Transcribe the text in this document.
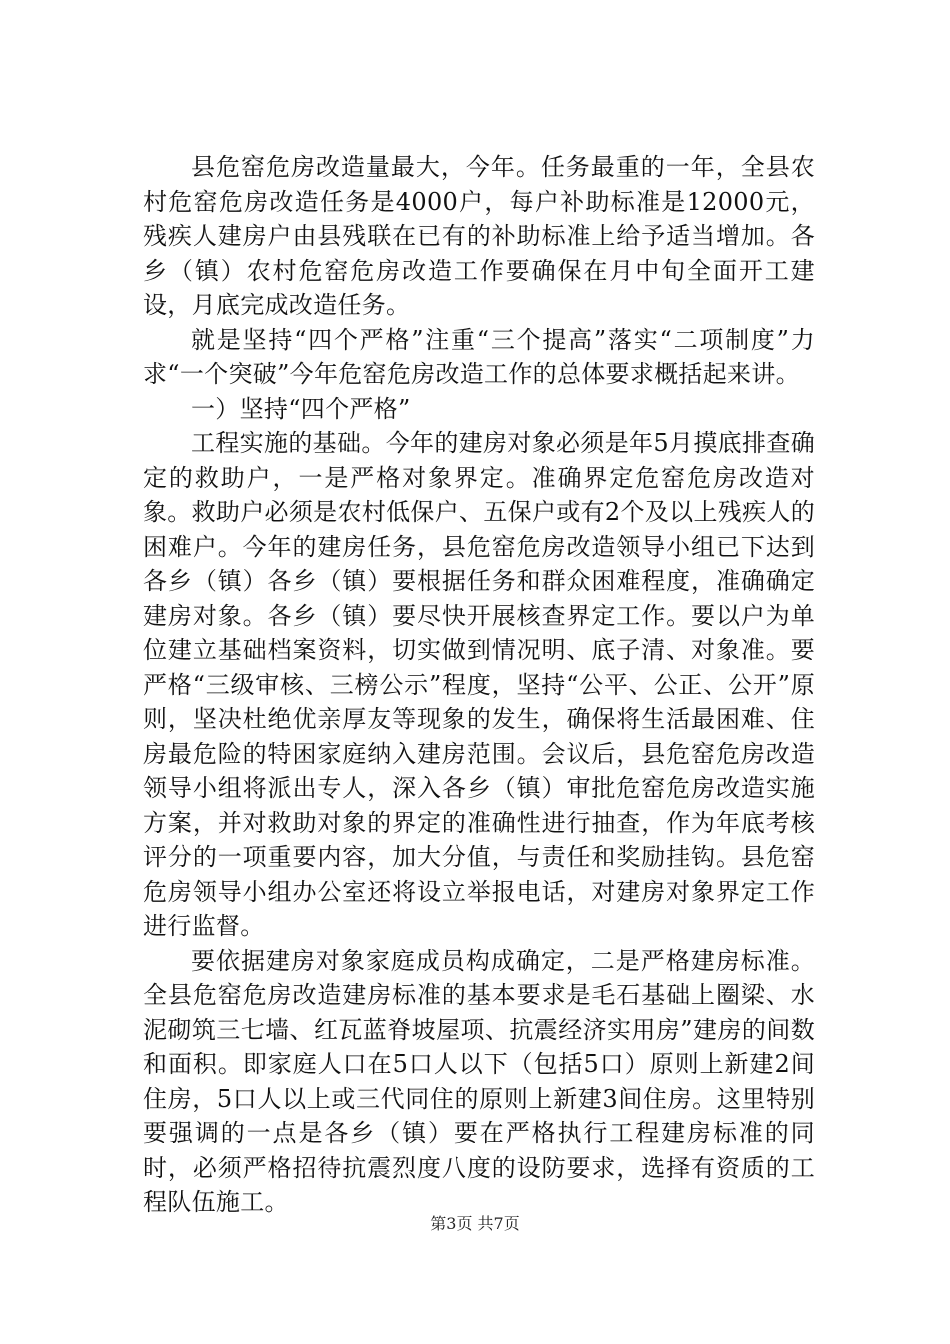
县危窑危房改造量最大，今年。任务最重的一年，全县农村危窑危房改造任务是4000户，每户补助标准是12000元，残疾人建房户由县残联在已有的补助标准上给予适当增加。各乡（镇）农村危窑危房改造工作要确保在月中旬全面开工建设，月底完成改造任务。

就是坚持“四个严格”注重“三个提高”落实“二项制度”力求“一个突破”今年危窑危房改造工作的总体要求概括起来讲。

一）坚持“四个严格”

工程实施的基础。今年的建房对象必须是年5月摸底排查确定的救助户，一是严格对象界定。准确界定危窑危房改造对象。救助户必须是农村低保户、五保户或有2个及以上残疾人的困难户。今年的建房任务，县危窑危房改造领导小组已下达到各乡（镇）各乡（镇）要根据任务和群众困难程度，准确确定建房对象。各乡（镇）要尽快开展核查界定工作。要以户为单位建立基础档案资料，切实做到情况明、底子清、对象准。要严格“三级审核、三榜公示”程度，坚持“公平、公正、公开”原则，坚决杜绝优亲厚友等现象的发生，确保将生活最困难、住房最危险的特困家庭纳入建房范围。会议后，县危窑危房改造领导小组将派出专人，深入各乡（镇）审批危窑危房改造实施方案，并对救助对象的界定的准确性进行抽查，作为年底考核评分的一项重要内容，加大分值，与责任和奖励挂钩。县危窑危房领导小组办公室还将设立举报电话，对建房对象界定工作进行监督。

要依据建房对象家庭成员构成确定，二是严格建房标准。全县危窑危房改造建房标准的基本要求是毛石基础上圈梁、水泥砌筑三七墙、红瓦蓝脊坡屋项、抗震经济实用房”建房的间数和面积。即家庭人口在5口人以下（包括5口）原则上新建2间住房，5口人以上或三代同住的原则上新建3间住房。这里特别要强调的一点是各乡（镇）要在严格执行工程建房标准的同时，必须严格招待抗震烈度八度的设防要求，选择有资质的工程队伍施工。

第3页 共7页
